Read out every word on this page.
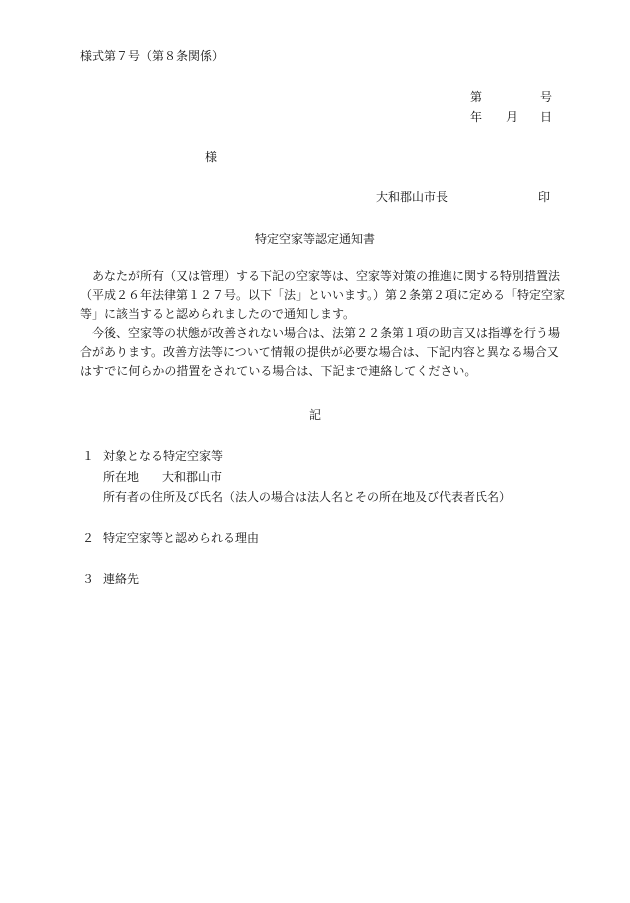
様式第７号（第８条関係）
第	号
年 月 日
様
大和郡山市長	印
特定空家等認定通知書
　あなたが所有（又は管理）する下記の空家等は、空家等対策の推進に関する特別措置法
（平成２６年法律第１２７号。以下「法」といいます。）第２条第２項に定める「特定空家
等」に該当すると認められましたので通知します。
　今後、空家等の状態が改善されない場合は、法第２２条第１項の助言又は指導を行う場
合があります。改善方法等について情報の提供が必要な場合は、下記内容と異なる場合又
はすでに何らかの措置をされている場合は、下記まで連絡してください。
記
１ 対象となる特定空家等
所在地 大和郡山市
所有者の住所及び氏名（法人の場合は法人名とその所在地及び代表者氏名）
２ 特定空家等と認められる理由
３ 連絡先
